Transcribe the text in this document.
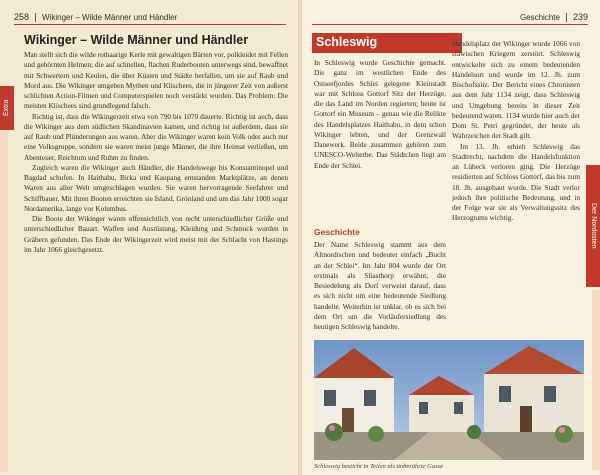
258 Wikinger – Wilde Männer und Händler
Extra
Wikinger – Wilde Männer und Händler

Man stellt sich die wilde rothaarige Kerle mit gewaltigen Bärten vor, polkleidet mit Fellen und gehörnten Helmen; die auf schnellen, flachen Ruderbooten unterwegs sind, bewaffnet mit Schwertern und Keulen, die über Küsten und Städte herfallen, um sie auf Raub und Mord aus. Die Wikinger umgeben Mythen und Klischees, die in jüngerer Zeit von außerst schlichten Action-Filmen und Computerspielen noch verstärkt wurden. Das Problem: Die meisten Klischees sind grundlegend falsch.

Richtig ist, dass die Wikingerzeit etwa von 790 bis 1070 dauerte. Richtig ist auch, dass die Wikinger aus dem südlichen Skandinavien kamen, und richtig ist außerdem, dass sie auf Raub und Plünderungen aus waren. Aber die Wikinger waren kein Volk oder auch nur eine Volksgruppe, sondern sie waren meist junge Männer, die ihre Heimat verließen, um Abenteuer, Reichtum und Ruhm zu finden.

Zugleich waren die Wikinger auch Händler, die Handelswege bis Konstantinopel und Bagdad schufen. In Haithabu, Birka und Kaupang entstanden Marktplätze, an denen Waren aus aller Welt umgeschlagen wurden. Sie waren hervorragende Seefahrer und Schiffbauer. Mit ihren Booten erreichten sie Island, Grönland und um das Jahr 1000 sogar Nordamerika, lange vor Kolumbus.

Die Boote der Wikinger waren offensichtlich von recht unterschiedlicher Größe und unterschiedlicher Bauart. Waffen und Ausrüstung, Kleidung und Schmuck wurden in Gräbern gefunden. Das Ende der Wikingerzeit wird meist mit der Schlacht von Hastings im Jahr 1066 gleichgesetzt.

Geschichte 239
Schleswig

In Schleswig wurde Geschichte gemacht. Die ganz im westlichen Ende des Ostseefjordes Schlei gelegene Kleinstadt war mit Schloss Gottorf Sitz der Herzöge, die das Land im Norden regierten; heute ist Gottorf ein Museum – genau wie die Relikte des Handelsplatzes Haithabu, in dem schon Wikinger lebten, und der Grenzwall Danewerk. Beide zusammen gehören zum UNESCO-Welterbe. Das Städtchen liegt am Ende der Schlei.

Geschichte

Der Name Schleswig stammt aus dem Altnordischen und bedeutet einfach „Bucht an der Schlei“. Im Jahr 804 wurde der Ort erstmals als Sliasthorp erwähnt, die Besiedelung als Dorf verweist darauf, dass es sich nicht um eine bedeutende Siedlung handelte. Weiterhin ist unklar, ob es sich bei dem Ort um die Vorläufersiedlung des heutigen Schleswig handelte.

Handelsplatz der Wikinger wurde 1066 von slawischen Kriegern zerstört. Schleswig entwickelte sich zu einem bedeutenden Handelsort und wurde im 12. Jh. zum Bischofssitz. Der Bericht eines Chronisten aus dem Jahr 1134 zeigt, dass Schleswig und Umgebung bereits in dieser Zeit bedeutend waren. 1134 wurde hier auch der Dom St. Petri gegründet, der heute als Wahrzeichen der Stadt gilt.

Im 13. Jh. erhielt Schleswig das Stadtrecht, nachdem die Handelsfunktion an Lübeck verloren ging. Die Herzöge residierten auf Schloss Gottorf, das bis zum 18. Jh. ausgebaut wurde. Die Stadt verlor jedoch ihre politische Bedeutung, und in der Folge war sie als Verwaltungssitz des Herzogtums wichtig.	Der Nordosten
Schleswig besticht in Teilen als unberührte Gasse
